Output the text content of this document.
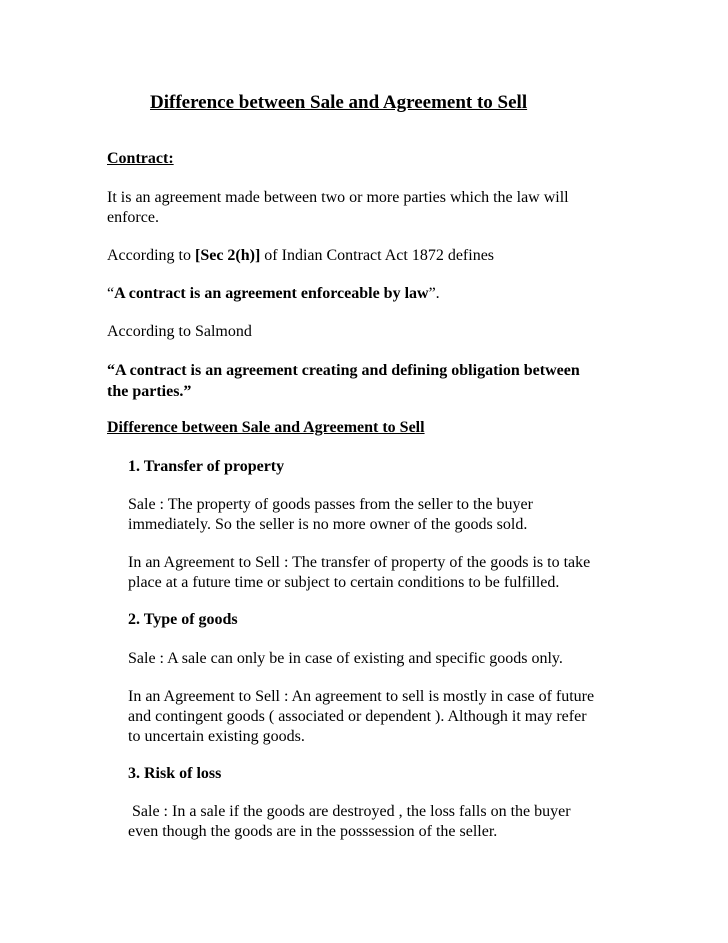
Difference between Sale and Agreement to Sell
Contract:
It is an agreement made between two or more parties which the law will
enforce.
According to [Sec 2(h)] of Indian Contract Act 1872 defines
“A contract is an agreement enforceable by law”.
According to Salmond
“A contract is an agreement creating and defining obligation between
the parties.”
Difference between Sale and Agreement to Sell
1. Transfer of property
Sale : The property of goods passes from the seller to the buyer
immediately. So the seller is no more owner of the goods sold.
In an Agreement to Sell : The transfer of property of the goods is to take
place at a future time or subject to certain conditions to be fulfilled.
2. Type of goods
Sale : A sale can only be in case of existing and specific goods only.
In an Agreement to Sell : An agreement to sell is mostly in case of future
and contingent goods ( associated or dependent ). Although it may refer
to uncertain existing goods.
3. Risk of loss
Sale : In a sale if the goods are destroyed , the loss falls on the buyer
even though the goods are in the posssession of the seller.
